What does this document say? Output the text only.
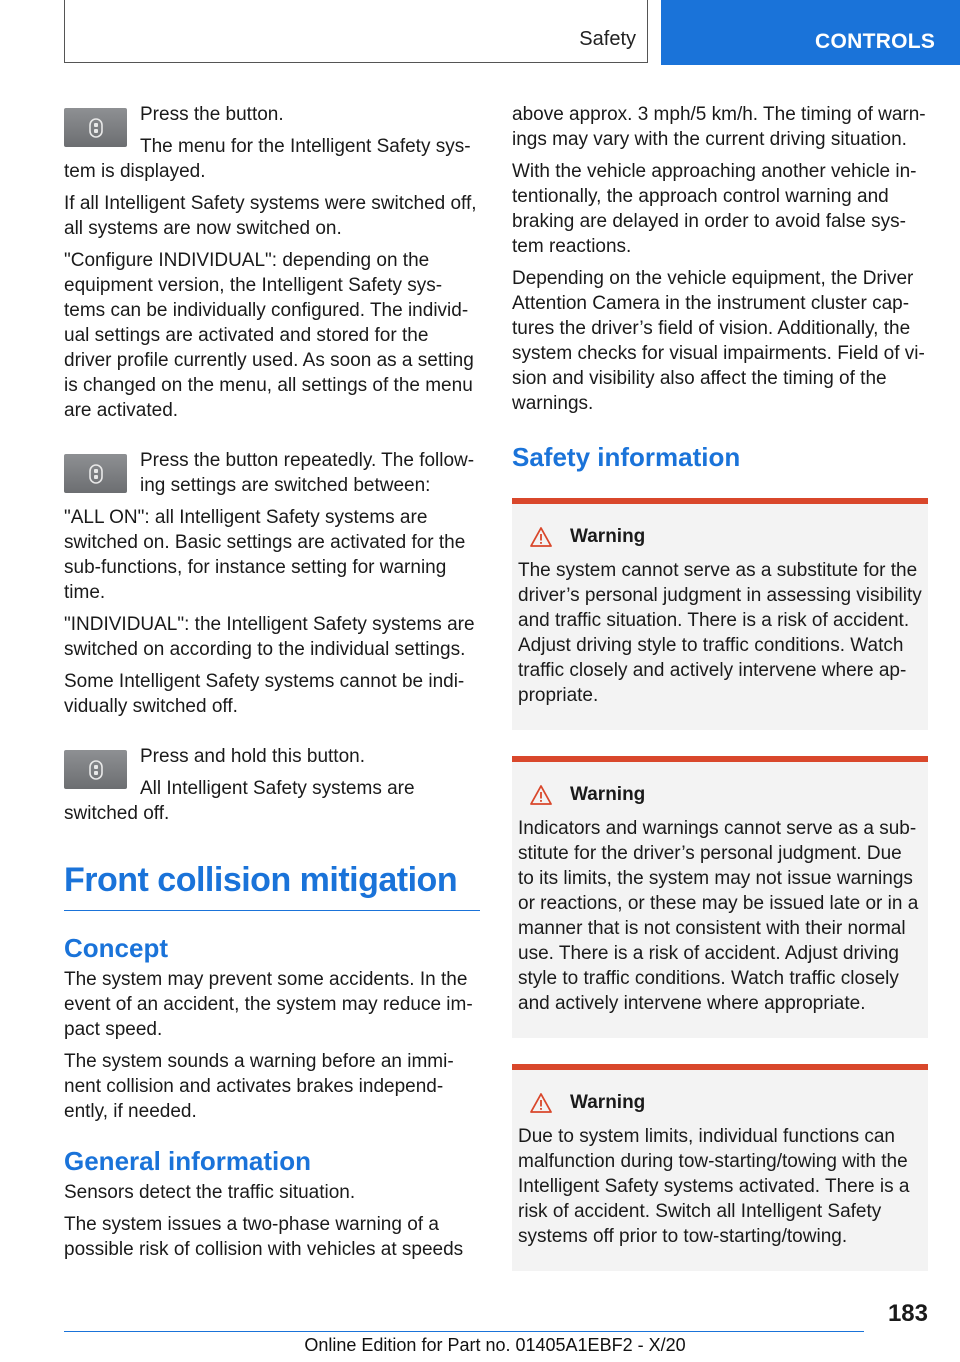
Safety	CONTROLS

Press the button.

The menu for the Intelligent Safety sys-

tem is displayed.

If all Intelligent Safety systems were switched off, all systems are now switched on.

"Configure INDIVIDUAL": depending on the equipment version, the Intelligent Safety sys-tems can be individually configured. The individ-ual settings are activated and stored for the driver profile currently used. As soon as a setting is changed on the menu, all settings of the menu are activated.

Press the button repeatedly. The follow-ing settings are switched between:

"ALL ON": all Intelligent Safety systems are switched on. Basic settings are activated for the sub-functions, for instance setting for warning time.

"INDIVIDUAL": the Intelligent Safety systems are switched on according to the individual settings.

Some Intelligent Safety systems cannot be indi-vidually switched off.

Press and hold this button.

All Intelligent Safety systems are

switched off.

Front collision mitigation
Concept

The system may prevent some accidents. In the event of an accident, the system may reduce im-pact speed.

The system sounds a warning before an immi-nent collision and activates brakes independ-ently, if needed.

General information

Sensors detect the traffic situation.

The system issues a two-phase warning of a possible risk of collision with vehicles at speeds

above approx. 3 mph/5 km/h. The timing of warn-ings may vary with the current driving situation.

With the vehicle approaching another vehicle in-tentionally, the approach control warning and braking are delayed in order to avoid false sys-tem reactions.

Depending on the vehicle equipment, the Driver Attention Camera in the instrument cluster cap-tures the driver’s field of vision. Additionally, the system checks for visual impairments. Field of vi-sion and visibility also affect the timing of the warnings.

Safety information
Warning

The system cannot serve as a substitute for the driver’s personal judgment in assessing visibility and traffic situation. There is a risk of accident. Adjust driving style to traffic conditions. Watch traffic closely and actively intervene where ap-propriate.

Warning

Indicators and warnings cannot serve as a sub-stitute for the driver’s personal judgment. Due to its limits, the system may not issue warnings or reactions, or these may be issued late or in a manner that is not consistent with their normal use. There is a risk of accident. Adjust driving style to traffic conditions. Watch traffic closely and actively intervene where appropriate.

Warning

Due to system limits, individual functions can malfunction during tow-starting/towing with the Intelligent Safety systems activated. There is a risk of accident. Switch all Intelligent Safety systems off prior to tow-starting/towing.

183
Online Edition for Part no. 01405A1EBF2 - X/20
